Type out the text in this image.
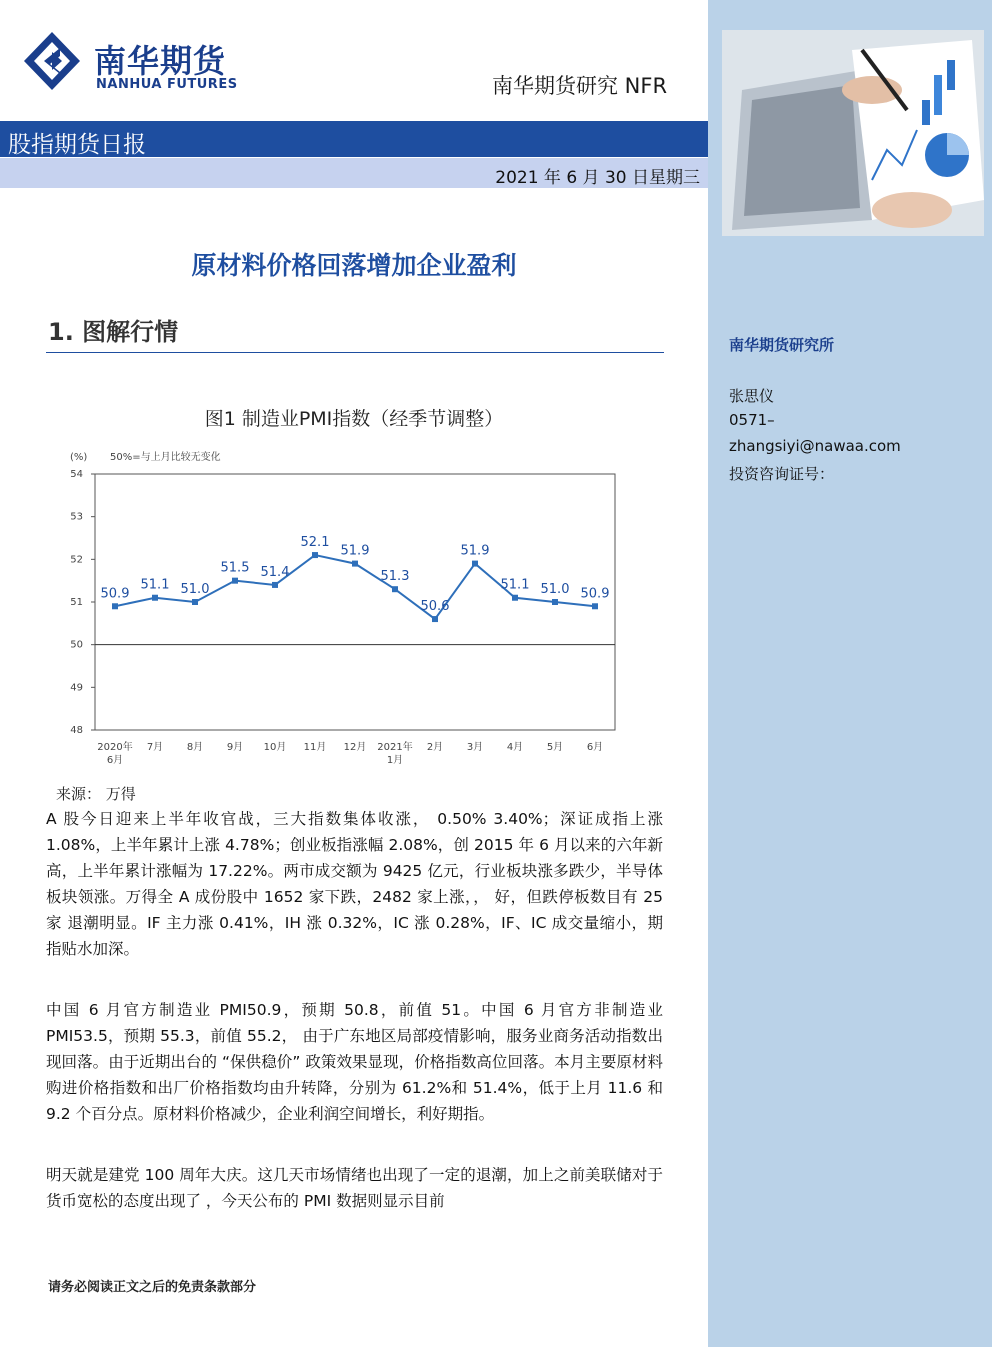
南华期货研究所
张思仪
0571–
zhangsiyi@nawaa.com
投资咨询证号：
南华期货
NANHUA FUTURES	南华期货研究 NFR
股指期货日报
2021 年 6 月 30 日星期三
原材料价格回落增加企业盈利
1. 图解行情
图1 制造业PMI指数（经季节调整）
(%) 50%=与上月比较无变化
48
49
50
51
52
53
54
2020年
6月
7月 8月 9月 10月 11月 12月 2021年
1月
2月 3月 4月 5月 6月
50.9
51.1 51.0
51.5 51.4
52.1
51.9
51.3
50.6
51.9
51.1 51.0 50.9
来源： 万得
A 股今日迎来上半年收官战，三大指数集体收涨， 0.50% 3.40%；深证成指上涨 1.08%，上半年累计上涨 4.78%；创业板指涨幅 2.08%，创 2015 年 6 月以来的六年新高，上半年累计涨幅为 17.22%。两市成交额为 9425 亿元，行业板块涨多跌少，半导体板块领涨。万得全 A 成份股中 1652 家下跌，2482 家上涨，， 好，但跌停板数目有 25 家 退潮明显。IF 主力涨 0.41%，IH 涨 0.32%，IC 涨 0.28%，IF、IC 成交量缩小，期指贴水加深。
中国 6 月官方制造业 PMI50.9，预期 50.8，前值 51。中国 6 月官方非制造业 PMI53.5，预期 55.3，前值 55.2， 由于广东地区局部疫情影响，服务业商务活动指数出现回落。由于近期出台的 “保供稳价” 政策效果显现，价格指数高位回落。本月主要原材料购进价格指数和出厂价格指数均由升转降，分别为 61.2%和 51.4%，低于上月 11.6 和 9.2 个百分点。原材料价格减少，企业利润空间增长，利好期指。
明天就是建党 100 周年大庆。这几天市场情绪也出现了一定的退潮，加上之前美联储对于货币宽松的态度出现了 ，今天公布的 PMI 数据则显示目前
请务必阅读正文之后的免责条款部分
